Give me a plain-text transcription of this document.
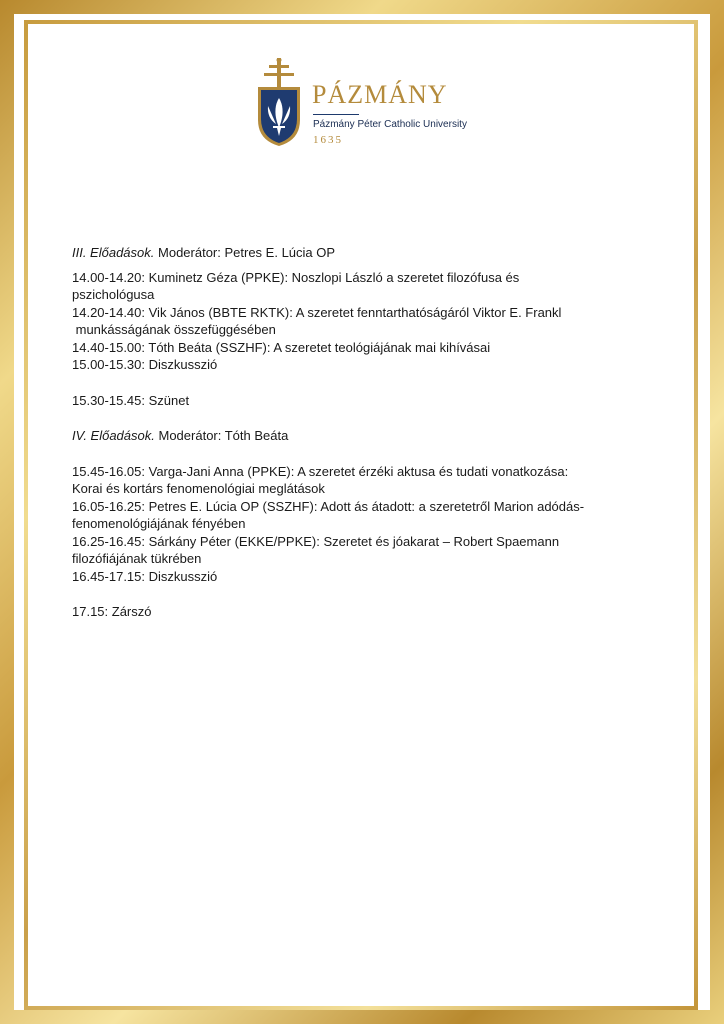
PÁZMÁNY
Pázmány Péter Catholic University
1635

III. Előadások. Moderátor: Petres E. Lúcia OP

14.00-14.20: Kuminetz Géza (PPKE): Noszlopi László a szeretet filozófusa és
pszichológusa

14.20-14.40: Vik János (BBTE RKTK): A szeretet fenntarthatóságáról Viktor E. Frankl
munkásságának összefüggésében

14.40-15.00: Tóth Beáta (SSZHF): A szeretet teológiájának mai kihívásai

15.00-15.30: Diszkusszió

15.30-15.45: Szünet

IV. Előadások. Moderátor: Tóth Beáta

15.45-16.05: Varga-Jani Anna (PPKE): A szeretet érzéki aktusa és tudati vonatkozása:
Korai és kortárs fenomenológiai meglátások

16.05-16.25: Petres E. Lúcia OP (SSZHF): Adott ás átadott: a szeretetről Marion adódás-
fenomenológiájának fényében

16.25-16.45: Sárkány Péter (EKKE/PPKE): Szeretet és jóakarat – Robert Spaemann
filozófiájának tükrében

16.45-17.15: Diszkusszió

17.15: Zárszó
